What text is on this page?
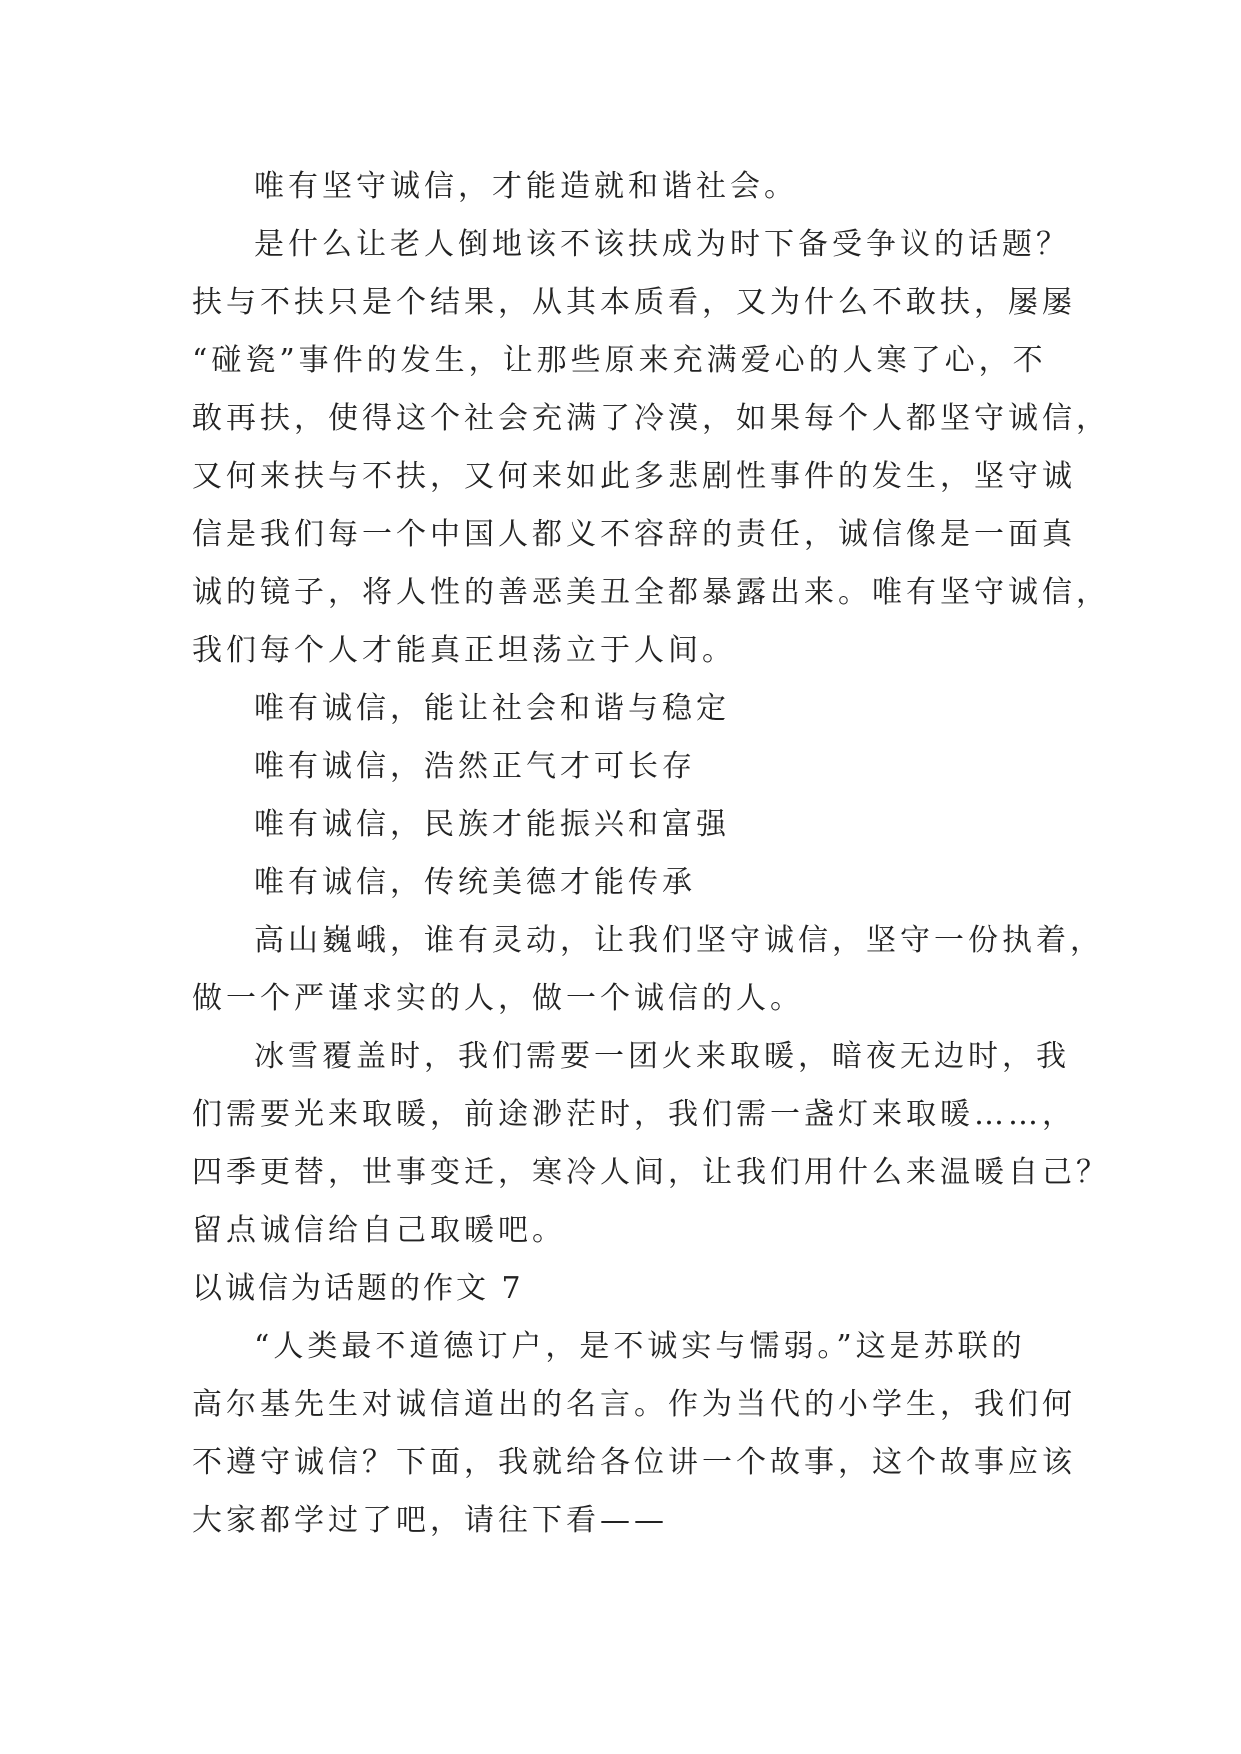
唯有坚守诚信，才能造就和谐社会。
是什么让老人倒地该不该扶成为时下备受争议的话题？
扶与不扶只是个结果，从其本质看，又为什么不敢扶，屡屡
“碰瓷”事件的发生，让那些原来充满爱心的人寒了心，不
敢再扶，使得这个社会充满了冷漠，如果每个人都坚守诚信，
又何来扶与不扶，又何来如此多悲剧性事件的发生，坚守诚
信是我们每一个中国人都义不容辞的责任，诚信像是一面真
诚的镜子，将人性的善恶美丑全都暴露出来。唯有坚守诚信，
我们每个人才能真正坦荡立于人间。
唯有诚信，能让社会和谐与稳定
唯有诚信，浩然正气才可长存
唯有诚信，民族才能振兴和富强
唯有诚信，传统美德才能传承
高山巍峨，谁有灵动，让我们坚守诚信，坚守一份执着，
做一个严谨求实的人，做一个诚信的人。
冰雪覆盖时，我们需要一团火来取暖，暗夜无边时，我
们需要光来取暖，前途渺茫时，我们需一盏灯来取暖……，
四季更替，世事变迁，寒冷人间，让我们用什么来温暖自己？
留点诚信给自己取暖吧。
以诚信为话题的作文 7
“人类最不道德订户，是不诚实与懦弱。”这是苏联的
高尔基先生对诚信道出的名言。作为当代的小学生，我们何
不遵守诚信？下面，我就给各位讲一个故事，这个故事应该
大家都学过了吧，请往下看——
